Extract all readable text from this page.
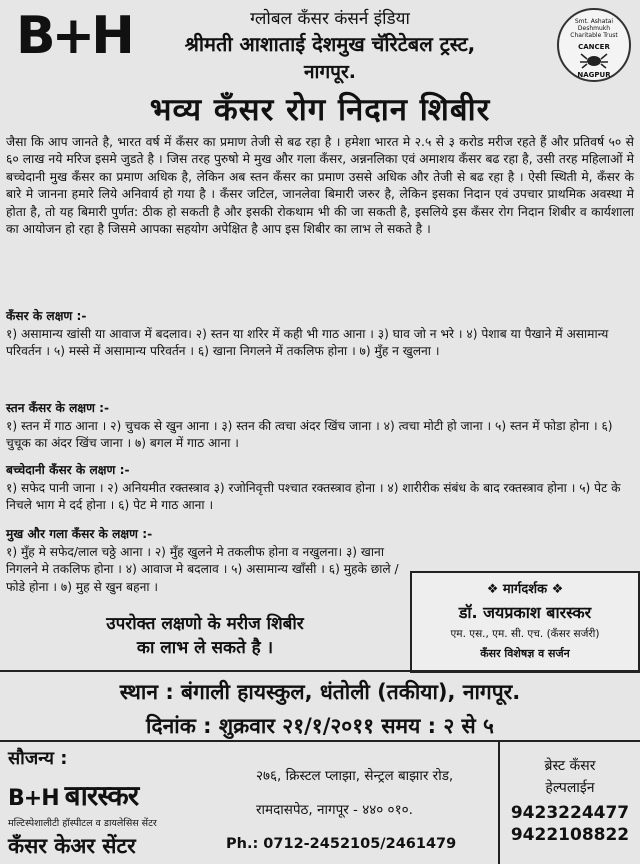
B+H	ग्लोबल कॅंसर कंसर्न इंडिया
श्रीमती आशाताई देशमुख चॅरिटेबल ट्रस्ट,
नागपूर.
Smt. Ashatai Deshmukh Charitable Trust
CANCER
NAGPUR
भव्य कॅंसर रोग निदान शिबीर
जैसा कि आप जानते है, भारत वर्ष में कॅंसर का प्रमाण तेजी से बढ रहा है । हमेशा भारत मे २.५ से ३ करोड मरीज रहते हैं और प्रतिवर्ष ५० से ६० लाख नये मरिज इसमे जुडते है । जिस तरह पुरुषो मे मुख और गला कॅंसर, अन्ननलिका एवं अमाशय कॅंसर बढ रहा है, उसी तरह महिलाओं मे बच्चेदानी मुख कॅंसर का प्रमाण अधिक है, लेकिन अब स्तन कॅंसर का प्रमाण उससे अधिक और तेजी से बढ रहा है । ऐसी स्थिती मे, कॅंसर के बारे मे जानना हमारे लिये अनिवार्य हो गया है । कॅंसर जटिल, जानलेवा बिमारी जरुर है, लेकिन इसका निदान एवं उपचार प्राथमिक अवस्था मे होता है, तो यह बिमारी पुर्णत: ठीक हो सकती है और इसकी रोकथाम भी की जा सकती है, इसलिये इस कॅंसर रोग निदान शिबीर व कार्यशाला का आयोजन हो रहा है जिसमे आपका सहयोग अपेक्षित है आप इस शिबीर का लाभ ले सकते है ।
कॅंसर के लक्षण :-
१) असामान्य खांसी या आवाज में बदलाव। २) स्तन या शरिर में कही भी गाठ आना । ३) घाव जो न भरे । ४) पेशाब या पैखाने में असामान्य परिवर्तन । ५) मस्से में असामान्य परिवर्तन । ६) खाना निगलने में तकलिफ होना । ७) मुँह न खुलना ।
स्तन कॅंसर के लक्षण :-
१) स्तन में गाठ आना । २) चुचक से खुन आना । ३) स्तन की त्वचा अंदर खिंच जाना । ४) त्वचा मोटी हो जाना । ५) स्तन में फोडा होना । ६) चुचूक का अंदर खिंच जाना । ७) बगल में गाठ आना ।
बच्चेदानी कॅंसर के लक्षण :-
१) सफेद पानी जाना । २) अनियमीत रक्तस्त्राव ३) रजोनिवृत्ती पश्चात रक्तस्त्राव होना । ४) शारीरीक संबंध के बाद रक्तस्त्राव होना । ५) पेट के निचले भाग मे दर्द होना । ६) पेट मे गाठ आना ।
मुख और गला कॅंसर के लक्षण :-
१) मुँह मे सफेद/लाल चठ्ठे आना । २) मुँह खुलने मे तकलीफ होना व नखुलना। ३) खाना निगलने मे तकलिफ होना । ४) आवाज मे बदलाव । ५) असामान्य खाँसी । ६) मुहके छाले /फोडे होना । ७) मुह से खुन बहना ।
उपरोक्त लक्षणो के मरीज शिबीर
का लाभ ले सकते है ।
❖ मार्गदर्शक ❖
डॉ. जयप्रकाश बारस्कर
एम. एस., एम. सी. एच. (कॅंसर सर्जरी)
कॅंसर विशेषज्ञ व सर्जन
स्थान : बंगाली हायस्कुल, धंतोली (तकीया), नागपूर.
दिनांक : शुक्रवार २१/१/२०११ समय : २ से ५
सौजन्य :
B+H बारस्कर
मल्टिस्पेशालीटी हॉस्पीटल व डायलेसिस सेंटर
कॅंसर केअर सेंटर
२७६, क्रिस्टल प्लाझा, सेन्ट्रल बाझार रोड,
रामदासपेठ, नागपूर - ४४० ०१०.
Ph.: 0712-2452105/2461479
ब्रेस्ट कॅंसर
हेल्पलाईन
9423224477
9422108822
